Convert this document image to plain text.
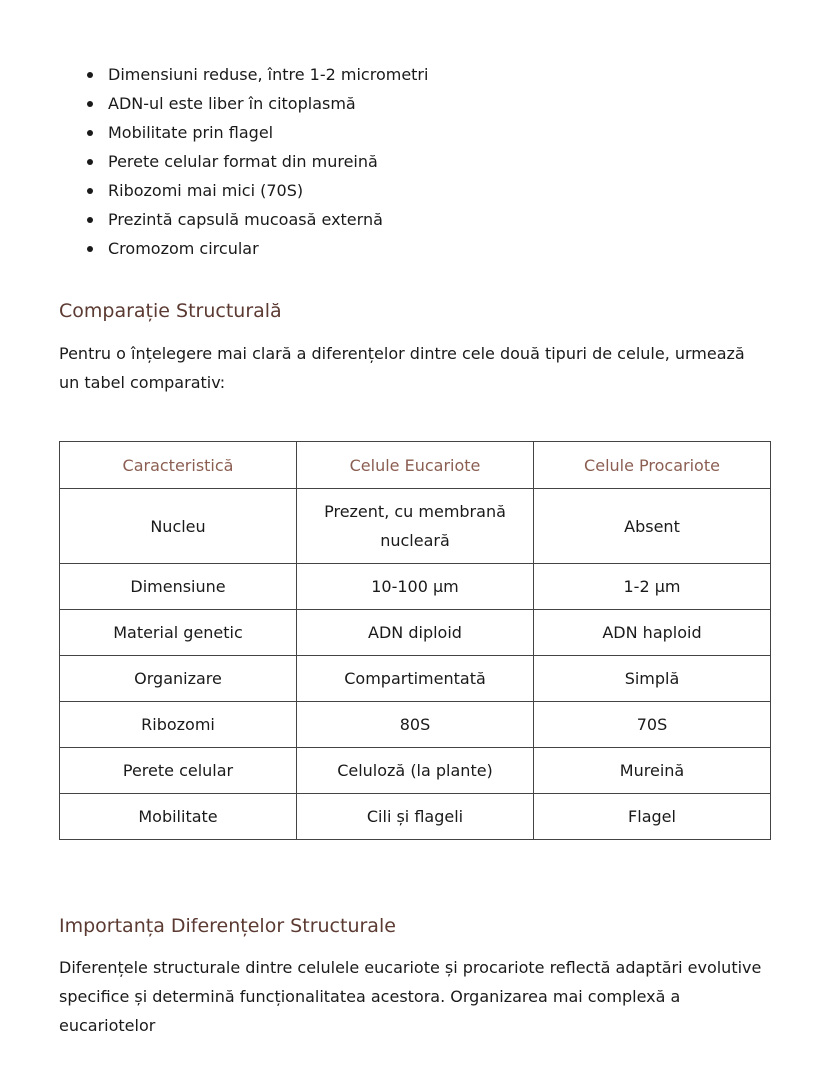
Dimensiuni reduse, între 1-2 micrometri
ADN-ul este liber în citoplasmă
Mobilitate prin flagel
Perete celular format din mureină
Ribozomi mai mici (70S)
Prezintă capsulă mucoasă externă
Cromozom circular
Comparație Structurală

Pentru o înțelegere mai clară a diferențelor dintre cele două tipuri de celule, urmează un tabel comparativ:

Caracteristică	Celule Eucariote	Celule Procariote
Nucleu	Prezent, cu membrană nucleară	Absent
Dimensiune	10-100 μm	1-2 μm
Material genetic	ADN diploid	ADN haploid
Organizare	Compartimentată	Simplă
Ribozomi	80S	70S
Perete celular	Celuloză (la plante)	Mureină
Mobilitate	Cili și flageli	Flagel
Importanța Diferențelor Structurale

Diferențele structurale dintre celulele eucariote și procariote reflectă adaptări evolutive specifice și determină funcționalitatea acestora. Organizarea mai complexă a eucariotelor
